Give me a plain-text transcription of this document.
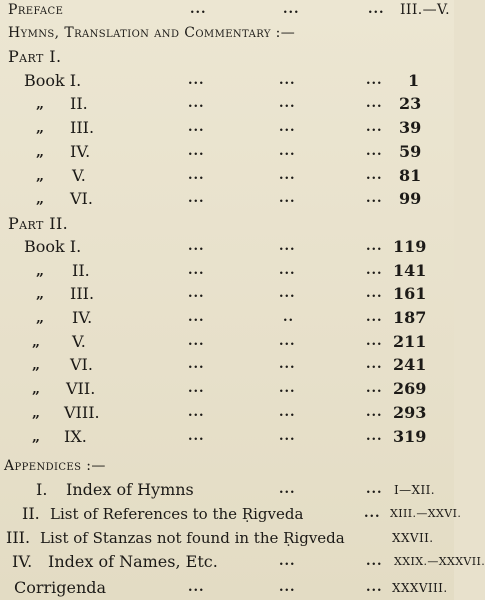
Preface	...	...	... III.—V.
Hymns, Translation and Commentary :—
Part I.
Book I.	...	...	... 1
„ II.	...	...	... 23
„ III.	...	...	... 39
„ IV.	...	...	... 59
„ V.	...	...	... 81
„ VI.	...	...	... 99
Part II.
Book I.	...	...	... 119
„ II.	...	...	... 141
„ III.	...	...	... 161
„ IV.	...	..	... 187
„ V.	...	...	... 211
„ VI.	...	...	... 241
„ VII.	...	...	... 269
„ VIII.	...	...	... 293
„ IX.	...	...	... 319
Appendices :—
I. Index of Hymns	...	... I—XII.
II. List of References to the Ṛigveda	... XIII.—XXVI.
III. List of Stanzas not found in the Ṛigveda	XXVII.
IV. Index of Names, Etc.	...	... XXIX.—XXXVII.
Corrigenda	...	...	... XXXVIII.
